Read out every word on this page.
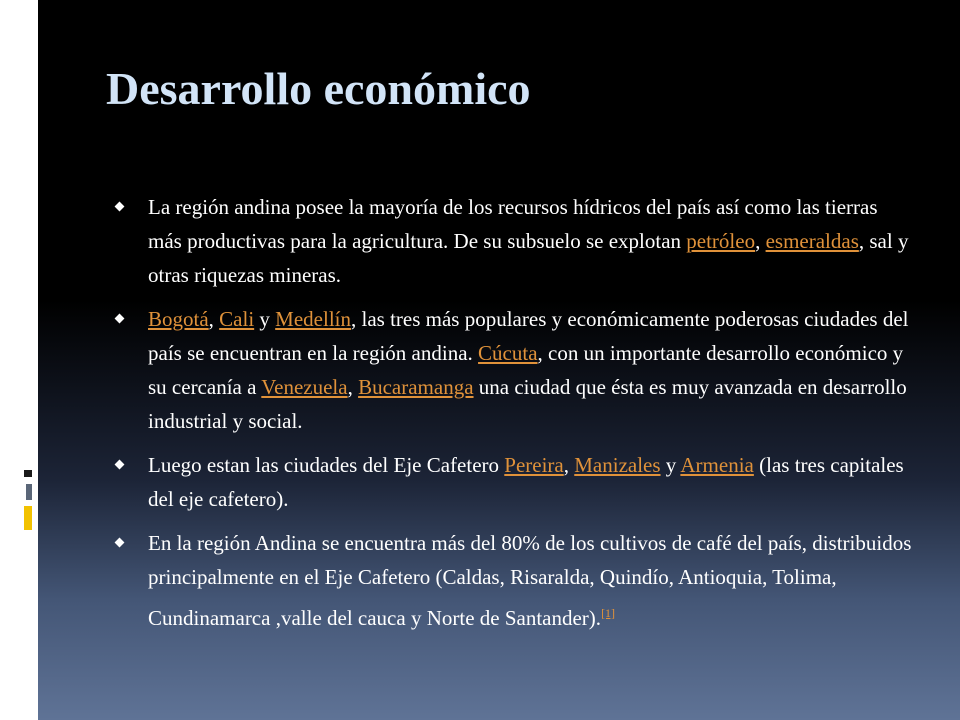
Desarrollo económico
La región andina posee la mayoría de los recursos hídricos del país así como las tierras más productivas para la agricultura. De su subsuelo se explotan petróleo, esmeraldas, sal y otras riquezas mineras.
Bogotá, Cali y Medellín, las tres más populares y económicamente poderosas ciudades del país se encuentran en la región andina. Cúcuta, con un importante desarrollo económico y su cercanía a Venezuela, Bucaramanga una ciudad que ésta es muy avanzada en desarrollo industrial y social.
Luego estan las ciudades del Eje Cafetero Pereira, Manizales y Armenia (las tres capitales del eje cafetero).
En la región Andina se encuentra más del 80% de los cultivos de café del país, distribuidos principalmente en el Eje Cafetero (Caldas, Risaralda, Quindío, Antioquia, Tolima, Cundinamarca ,valle del cauca y Norte de Santander).[1]
